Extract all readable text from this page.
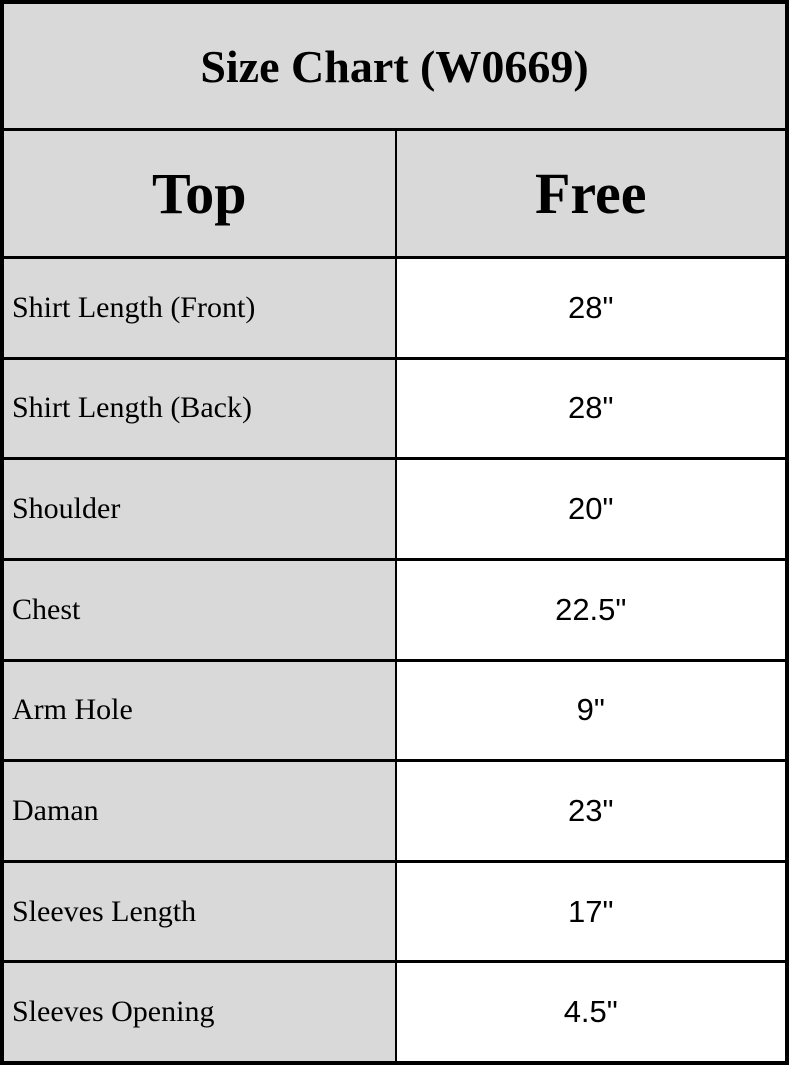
Size Chart (W0669)
Top	Free
Shirt Length (Front)	28"
Shirt Length (Back)	28"
Shoulder	20"
Chest	22.5"
Arm Hole	9"
Daman	23"
Sleeves Length	17"
Sleeves Opening	4.5"
